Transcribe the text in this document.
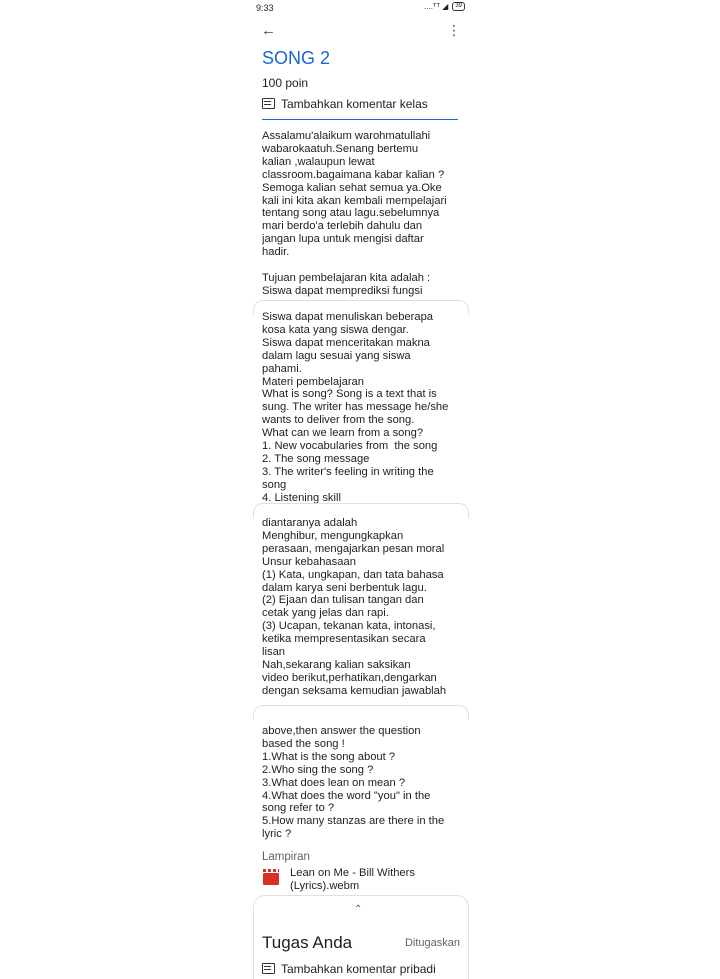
9:33	....ᵀᵀ ◢	39
←	⋮
SONG 2
100 poin
Tambahkan komentar kelas
Assalamu'alaikum warohmatullahi
wabarokaatuh.Senang bertemu
kalian ,walaupun lewat
classroom.bagaimana kabar kalian ?
Semoga kalian sehat semua ya.Oke
kali ini kita akan kembali mempelajari
tentang song atau lagu.sebelumnya
mari berdo'a terlebih dahulu dan
jangan lupa untuk mengisi daftar
hadir.

Tujuan pembelajaran kita adalah :
Siswa dapat memprediksi fungsi
Siswa dapat menuliskan beberapa
kosa kata yang siswa dengar.
Siswa dapat menceritakan makna
dalam lagu sesuai yang siswa
pahami.
Materi pembelajaran
What is song? Song is a text that is
sung. The writer has message he/she
wants to deliver from the song.
What can we learn from a song?
1. New vocabularies from  the song
2. The song message
3. The writer's feeling in writing the
song
4. Listening skill
diantaranya adalah
Menghibur, mengungkapkan
perasaan, mengajarkan pesan moral
Unsur kebahasaan
(1) Kata, ungkapan, dan tata bahasa
dalam karya seni berbentuk lagu.
(2) Ejaan dan tulisan tangan dan
cetak yang jelas dan rapi.
(3) Ucapan, tekanan kata, intonasi,
ketika mempresentasikan secara
lisan
Nah,sekarang kalian saksikan
video berikut,perhatikan,dengarkan
dengan seksama kemudian jawablah
above,then answer the question
based the song !
1.What is the song about ?
2.Who sing the song ?
3.What does lean on mean ?
4.What does the word "you" in the
song refer to ?
5.How many stanzas are there in the
lyric ?
Lampiran
Lean on Me - Bill Withers
(Lyrics).webm
⌃
Tugas Anda	Ditugaskan
Tambahkan komentar pribadi
